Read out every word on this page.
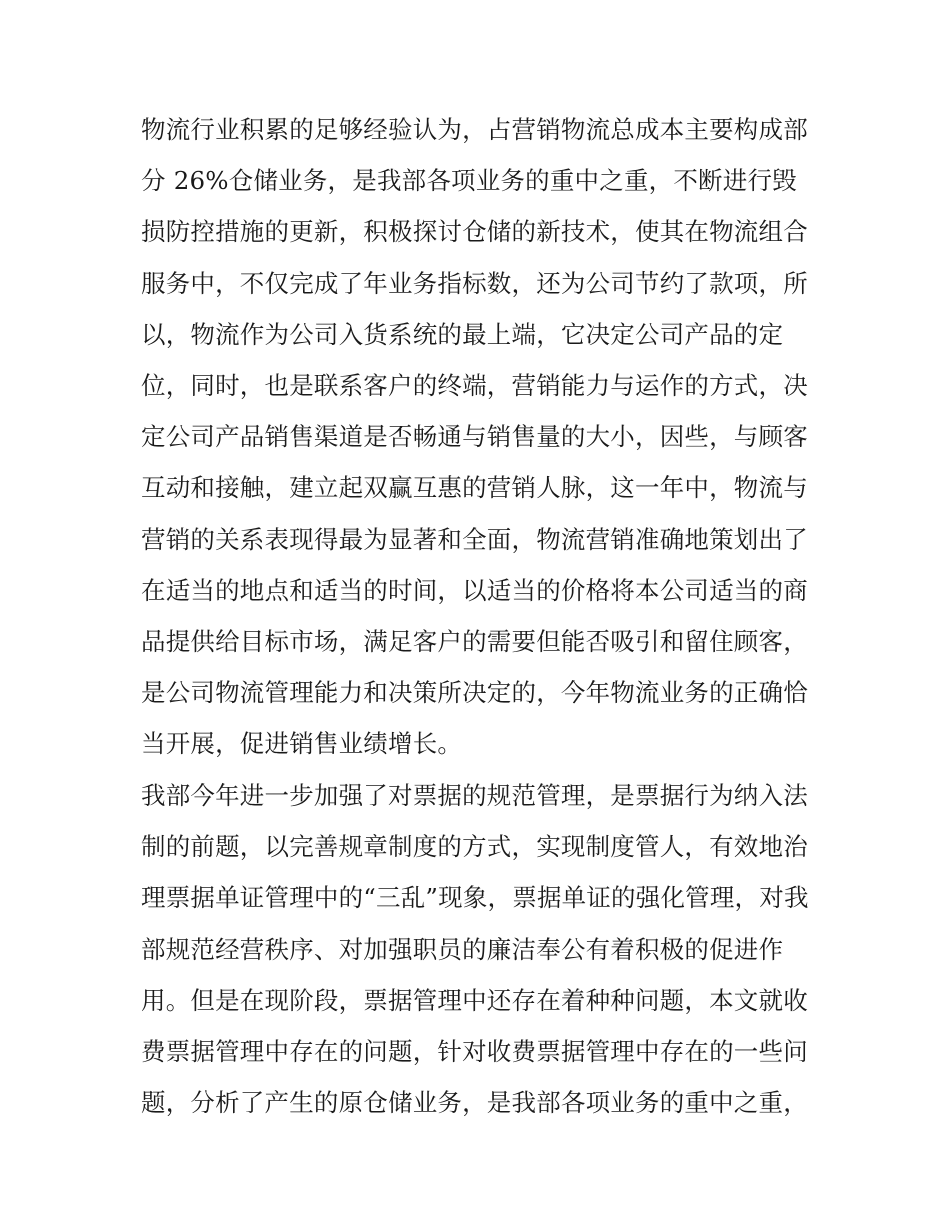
物流行业积累的足够经验认为，占营销物流总成本主要构成部
分 26%仓储业务，是我部各项业务的重中之重，不断进行毁
损防控措施的更新，积极探讨仓储的新技术，使其在物流组合
服务中，不仅完成了年业务指标数，还为公司节约了款项，所
以，物流作为公司入货系统的最上端，它决定公司产品的定
位，同时，也是联系客户的终端，营销能力与运作的方式，决
定公司产品销售渠道是否畅通与销售量的大小，因些，与顾客
互动和接触，建立起双赢互惠的营销人脉，这一年中，物流与
营销的关系表现得最为显著和全面，物流营销准确地策划出了
在适当的地点和适当的时间，以适当的价格将本公司适当的商
品提供给目标市场，满足客户的需要但能否吸引和留住顾客，
是公司物流管理能力和决策所决定的，今年物流业务的正确恰
当开展，促进销售业绩增长。

我部今年进一步加强了对票据的规范管理，是票据行为纳入法
制的前题，以完善规章制度的方式，实现制度管人，有效地治
理票据单证管理中的“三乱”现象，票据单证的强化管理，对我
部规范经营秩序、对加强职员的廉洁奉公有着积极的促进作
用。但是在现阶段，票据管理中还存在着种种问题，本文就收
费票据管理中存在的问题，针对收费票据管理中存在的一些问
题，分析了产生的原仓储业务，是我部各项业务的重中之重，
